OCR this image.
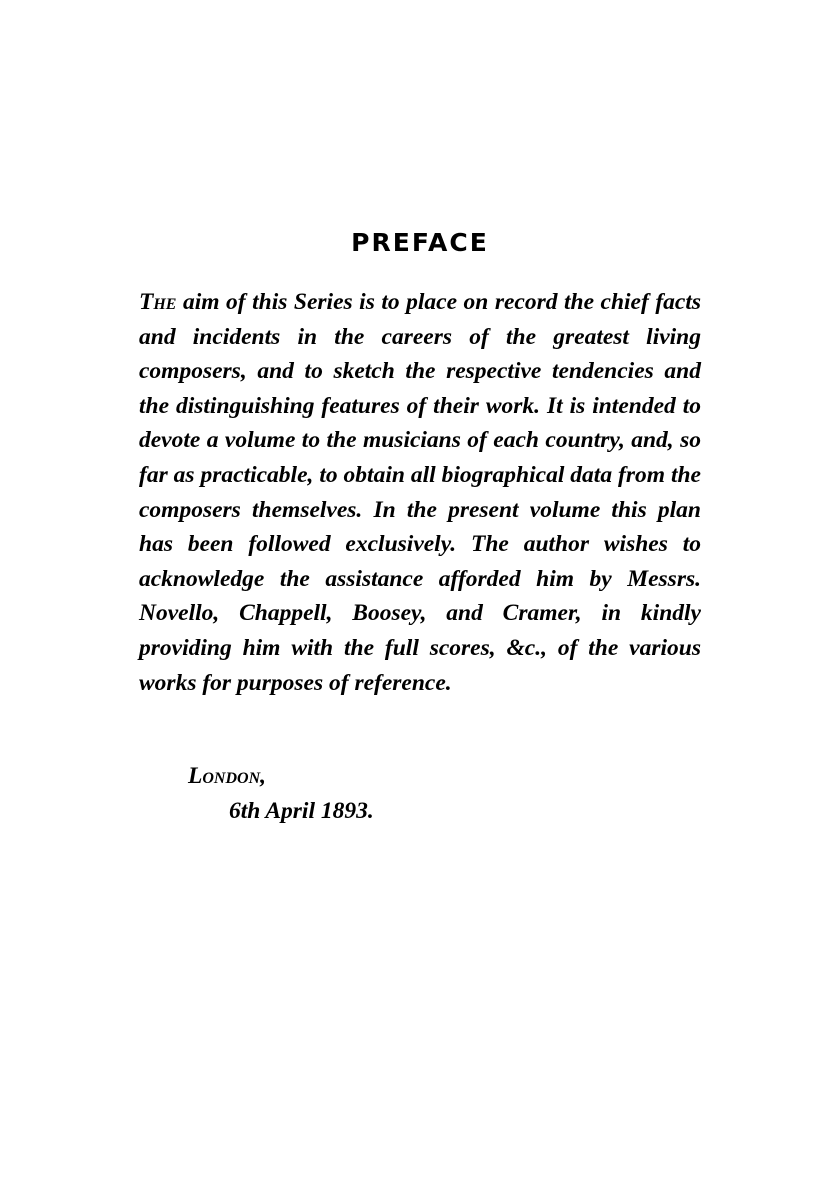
PREFACE
The aim of this Series is to place on record the chief facts and incidents in the careers of the greatest living composers, and to sketch the respective tendencies and the distinguishing features of their work. It is intended to devote a volume to the musicians of each country, and, so far as practicable, to obtain all biographical data from the composers themselves. In the present volume this plan has been followed exclusively. The author wishes to acknowledge the assistance afforded him by Messrs. Novello, Chappell, Boosey, and Cramer, in kindly providing him with the full scores, &c., of the various works for purposes of reference.
London,
6th April 1893.
